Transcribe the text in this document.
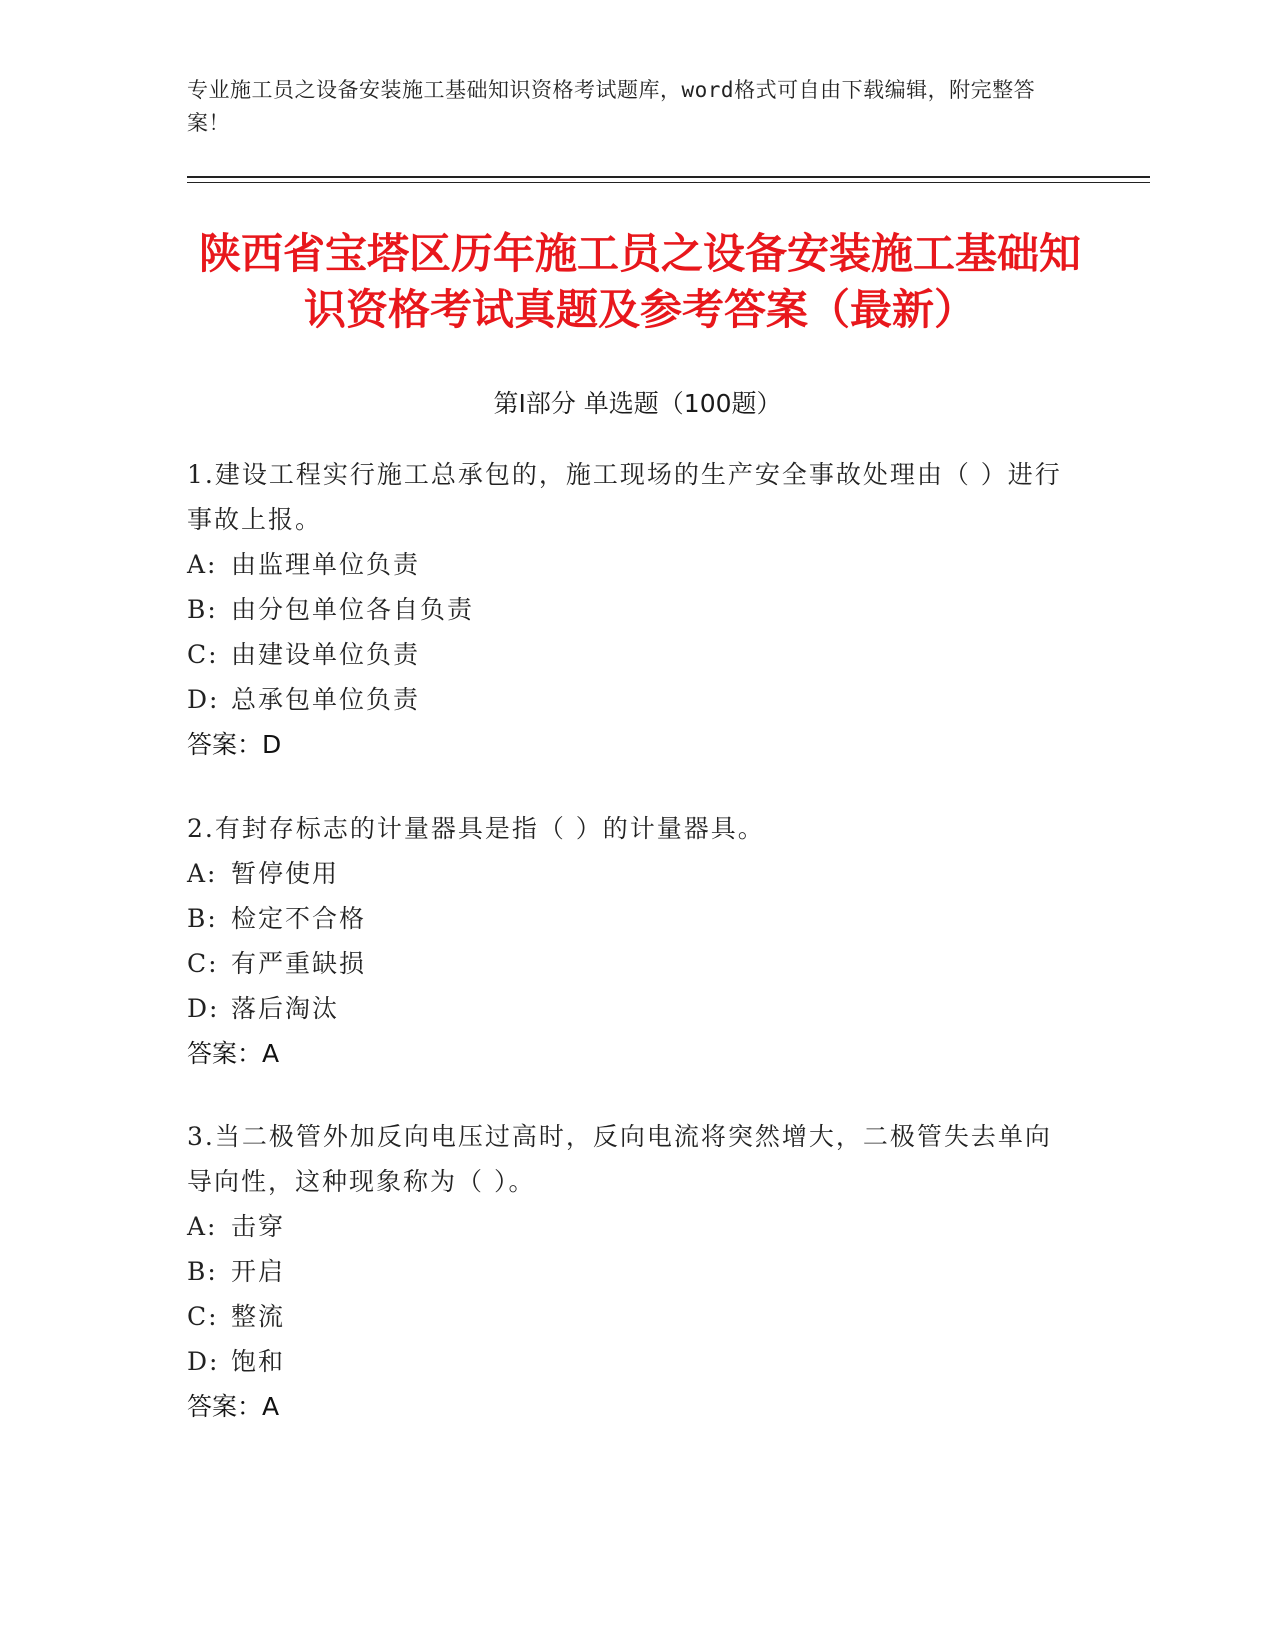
专业施工员之设备安装施工基础知识资格考试题库，word格式可自由下载编辑，附完整答案！
陕西省宝塔区历年施工员之设备安装施工基础知识资格考试真题及参考答案（最新）
第Ⅰ部分 单选题（100题）

1.建设工程实行施工总承包的，施工现场的生产安全事故处理由（ ）进行事故上报。

A: 由监理单位负责

B: 由分包单位各自负责

C: 由建设单位负责

D: 总承包单位负责

答案：D

2.有封存标志的计量器具是指（ ）的计量器具。

A: 暂停使用

B: 检定不合格

C: 有严重缺损

D: 落后淘汰

答案：A

3.当二极管外加反向电压过高时，反向电流将突然增大，二极管失去单向导向性，这种现象称为（ ）。

A: 击穿

B: 开启

C: 整流

D: 饱和

答案：A
